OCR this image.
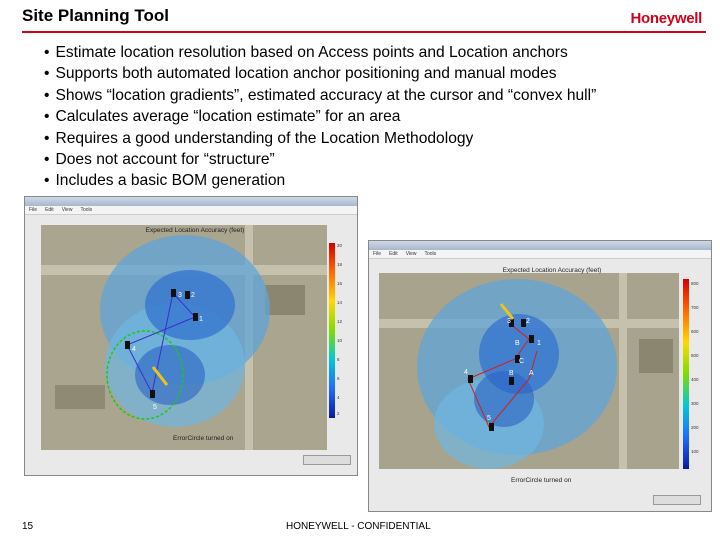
Site Planning Tool	Honeywell
• Estimate location resolution based on Access points and Location anchors
• Supports both automated location anchor positioning and manual modes
• Shows “location gradients”, estimated accuracy at the cursor and “convex hull”
• Calculates average “location estimate” for an area
• Requires a good understanding of the Location Methodology
• Does not account for “structure”
• Includes a basic BOM generation
File Edit View Tools
3 2
1
4
5
Expected Location Accuracy (feet)
20
18
16
14
12
10
8
6
4
2
ErrorCircle turned on
File Edit View Tools
3 2
1
B
C
4	B A
5
Expected Location Accuracy (feet)
800
700
600
500
400
300
200
100
ErrorCircle turned on
15	HONEYWELL - CONFIDENTIAL
